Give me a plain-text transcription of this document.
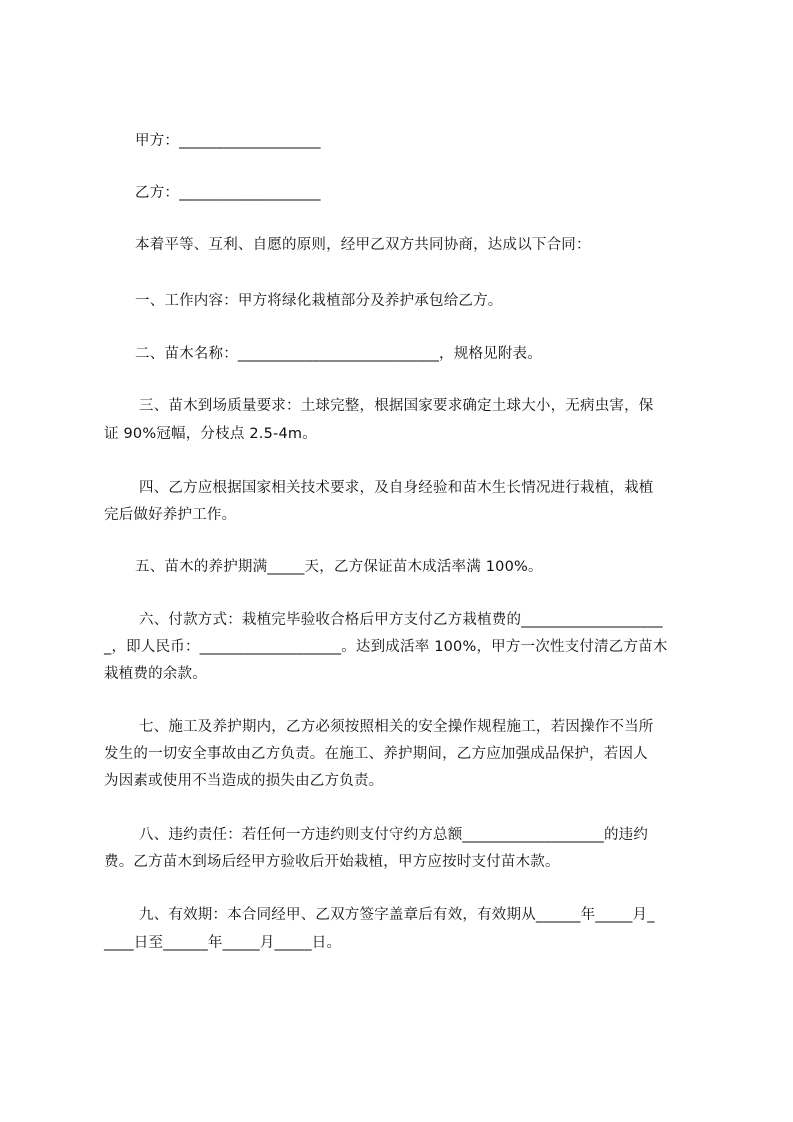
甲方：___________________
乙方：___________________
本着平等、互利、自愿的原则，经甲乙双方共同协商，达成以下合同：
一、工作内容：甲方将绿化栽植部分及养护承包给乙方。
二、苗木名称：___________________________，规格见附表。
三、苗木到场质量要求：土球完整，根据国家要求确定土球大小，无病虫害，保
证 90%冠幅，分枝点 2.5-4m。
四、乙方应根据国家相关技术要求，及自身经验和苗木生长情况进行栽植，栽植
完后做好养护工作。
五、苗木的养护期满_____天，乙方保证苗木成活率满 100%。
六、付款方式：栽植完毕验收合格后甲方支付乙方栽植费的___________________
_，即人民币：___________________。达到成活率 100%，甲方一次性支付清乙方苗木
栽植费的余款。
七、施工及养护期内，乙方必须按照相关的安全操作规程施工，若因操作不当所
发生的一切安全事故由乙方负责。在施工、养护期间，乙方应加强成品保护，若因人
为因素或使用不当造成的损失由乙方负责。
八、违约责任：若任何一方违约则支付守约方总额___________________的违约
费。乙方苗木到场后经甲方验收后开始栽植，甲方应按时支付苗木款。
九、有效期：本合同经甲、乙双方签字盖章后有效，有效期从______年_____月_
____日至______年_____月_____日。
